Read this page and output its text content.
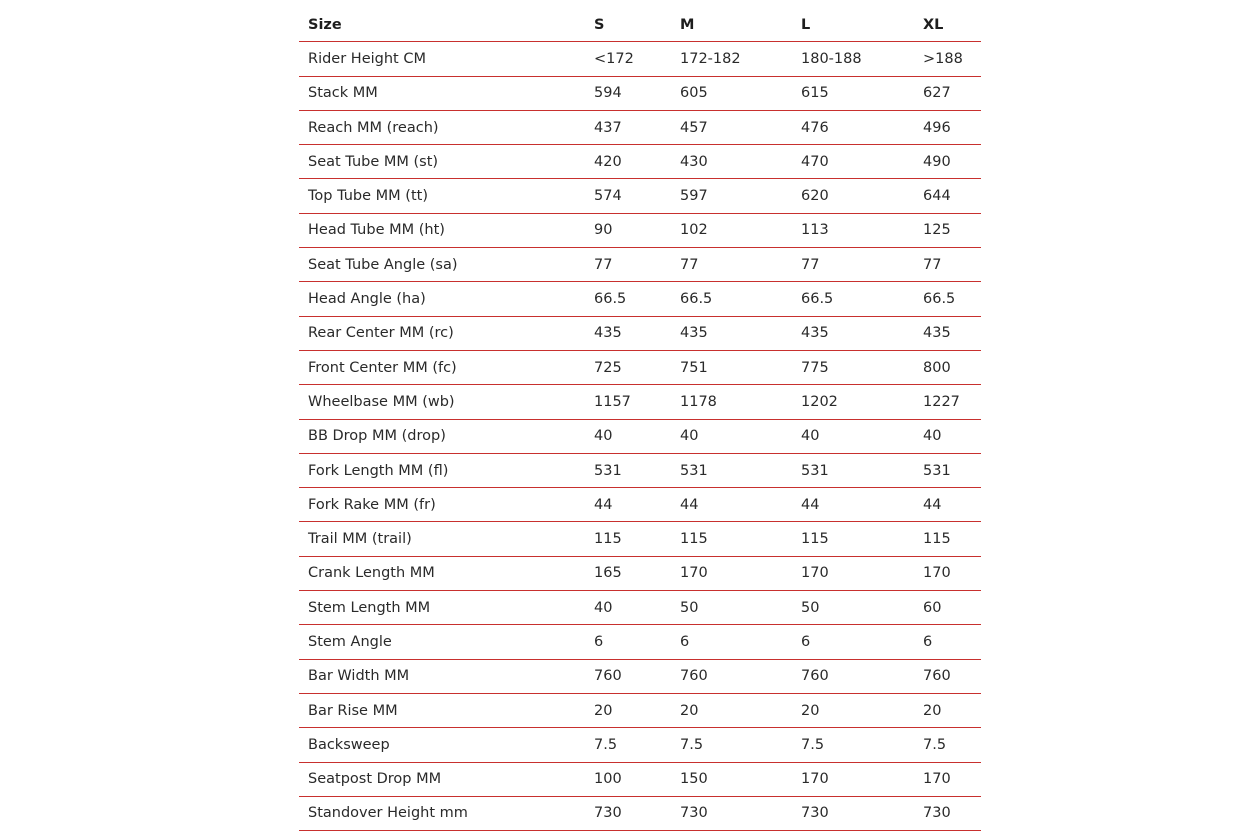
Size	S	M	L	XL
Rider Height CM	<172	172-182	180-188	>188
Stack MM	594	605	615	627
Reach MM (reach)	437	457	476	496
Seat Tube MM (st)	420	430	470	490
Top Tube MM (tt)	574	597	620	644
Head Tube MM (ht)	90	102	113	125
Seat Tube Angle (sa)	77	77	77	77
Head Angle (ha)	66.5	66.5	66.5	66.5
Rear Center MM (rc)	435	435	435	435
Front Center MM (fc)	725	751	775	800
Wheelbase MM (wb)	1157	1178	1202	1227
BB Drop MM (drop)	40	40	40	40
Fork Length MM (fl)	531	531	531	531
Fork Rake MM (fr)	44	44	44	44
Trail MM (trail)	115	115	115	115
Crank Length MM	165	170	170	170
Stem Length MM	40	50	50	60
Stem Angle	6	6	6	6
Bar Width MM	760	760	760	760
Bar Rise MM	20	20	20	20
Backsweep	7.5	7.5	7.5	7.5
Seatpost Drop MM	100	150	170	170
Standover Height mm	730	730	730	730
